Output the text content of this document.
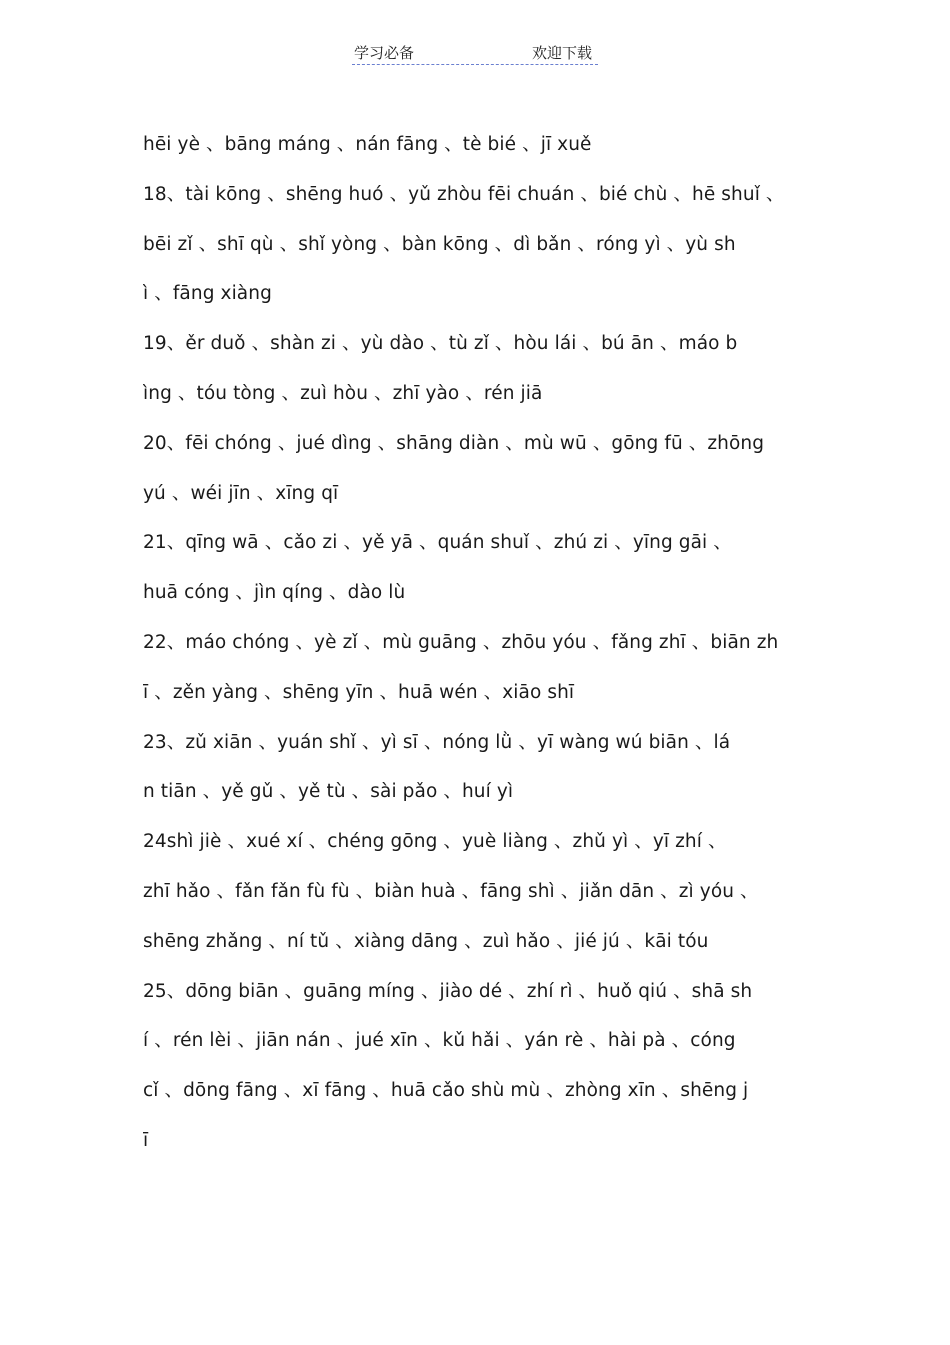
学习必备	欢迎下载
hēi yè 、bāng máng 、nán fāng 、tè bié 、jī xuě
18、tài kōng 、shēng huó 、yǔ zhòu fēi chuán 、bié chù 、hē shuǐ 、
bēi zǐ 、shī qù 、shǐ yòng 、bàn kōng 、dì bǎn 、róng yì 、yù sh
ì 、fāng xiàng
19、ěr duǒ 、shàn zi 、yù dào 、tù zǐ 、hòu lái 、bú ān 、máo b
ìng 、tóu tòng 、zuì hòu 、zhī yào 、rén jiā
20、fēi chóng 、jué dìng 、shāng diàn 、mù wū 、gōng fū 、zhōng
yú 、wéi jīn 、xīng qī
21、qīng wā 、cǎo zi 、yě yā 、quán shuǐ 、zhú zi 、yīng gāi 、
huā cóng 、jìn qíng 、dào lù
22、máo chóng 、yè zǐ 、mù guāng 、zhōu yóu 、fǎng zhī 、biān zh
ī 、zěn yàng 、shēng yīn 、huā wén 、xiāo shī
23、zǔ xiān 、yuán shǐ 、yì sī 、nóng lǜ 、yī wàng wú biān 、lá
n tiān 、yě gǔ 、yě tù 、sài pǎo 、huí yì
24shì jiè 、xué xí 、chéng gōng 、yuè liàng 、zhǔ yì 、yī zhí 、
zhī hǎo 、fǎn fǎn fù fù 、biàn huà 、fāng shì 、jiǎn dān 、zì yóu 、
shēng zhǎng 、ní tǔ 、xiàng dāng 、zuì hǎo 、jié jú 、kāi tóu
25、dōng biān 、guāng míng 、jiào dé 、zhí rì 、huǒ qiú 、shā sh
í 、rén lèi 、jiān nán 、jué xīn 、kǔ hǎi 、yán rè 、hài pà 、cóng
cǐ 、dōng fāng 、xī fāng 、huā cǎo shù mù 、zhòng xīn 、shēng j
ī
